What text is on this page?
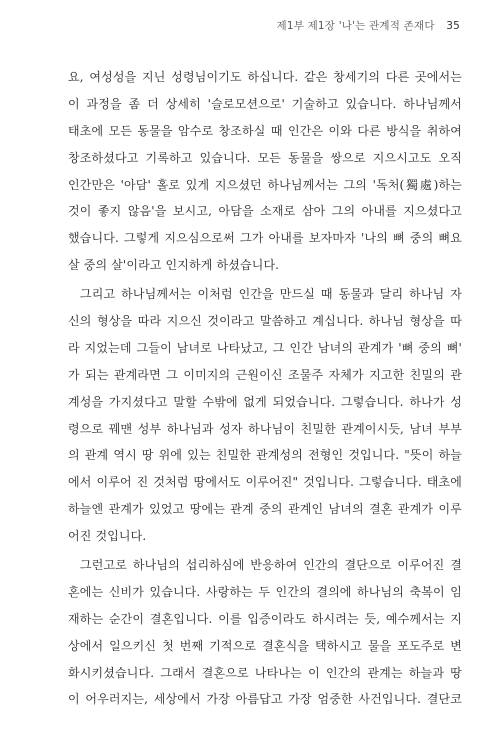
제1부 제1장 '나'는 관계적 존재다 35
요, 여성성을 지닌 성령님이기도 하십니다. 같은 창세기의 다른 곳에서는
이 과정을 좀 더 상세히 '슬로모션으로' 기술하고 있습니다. 하나님께서
태초에 모든 동물을 암수로 창조하실 때 인간은 이와 다른 방식을 취하여
창조하셨다고 기록하고 있습니다. 모든 동물을 쌍으로 지으시고도 오직
인간만은 '아담' 홀로 있게 지으셨던 하나님께서는 그의 '독처(獨處)하는
것이 좋지 않음'을 보시고, 아담을 소재로 삼아 그의 아내를 지으셨다고
했습니다. 그렇게 지으심으로써 그가 아내를 보자마자 '나의 뼈 중의 뼈요
살 중의 살'이라고 인지하게 하셨습니다.
그리고 하나님께서는 이처럼 인간을 만드실 때 동물과 달리 하나님 자
신의 형상을 따라 지으신 것이라고 말씀하고 계십니다. 하나님 형상을 따
라 지었는데 그들이 남녀로 나타났고, 그 인간 남녀의 관계가 '뼈 중의 뼈'
가 되는 관계라면 그 이미지의 근원이신 조물주 자체가 지고한 친밀의 관
계성을 가지셨다고 말할 수밖에 없게 되었습니다. 그렇습니다. 하나가 성
령으로 꿰맨 성부 하나님과 성자 하나님이 친밀한 관계이시듯, 남녀 부부
의 관계 역시 땅 위에 있는 친밀한 관계성의 전형인 것입니다. "뜻이 하늘
에서 이루어 진 것처럼 땅에서도 이루어진" 것입니다. 그렇습니다. 태초에
하늘엔 관계가 있었고 땅에는 관계 중의 관계인 남녀의 결혼 관계가 이루
어진 것입니다.
그런고로 하나님의 섭리하심에 반응하여 인간의 결단으로 이루어진 결
혼에는 신비가 있습니다. 사랑하는 두 인간의 결의에 하나님의 축복이 임
재하는 순간이 결혼입니다. 이를 입증이라도 하시려는 듯, 예수께서는 지
상에서 일으키신 첫 번째 기적으로 결혼식을 택하시고 물을 포도주로 변
화시키셨습니다. 그래서 결혼으로 나타나는 이 인간의 관계는 하늘과 땅
이 어우러지는, 세상에서 가장 아름답고 가장 엄중한 사건입니다. 결단코
